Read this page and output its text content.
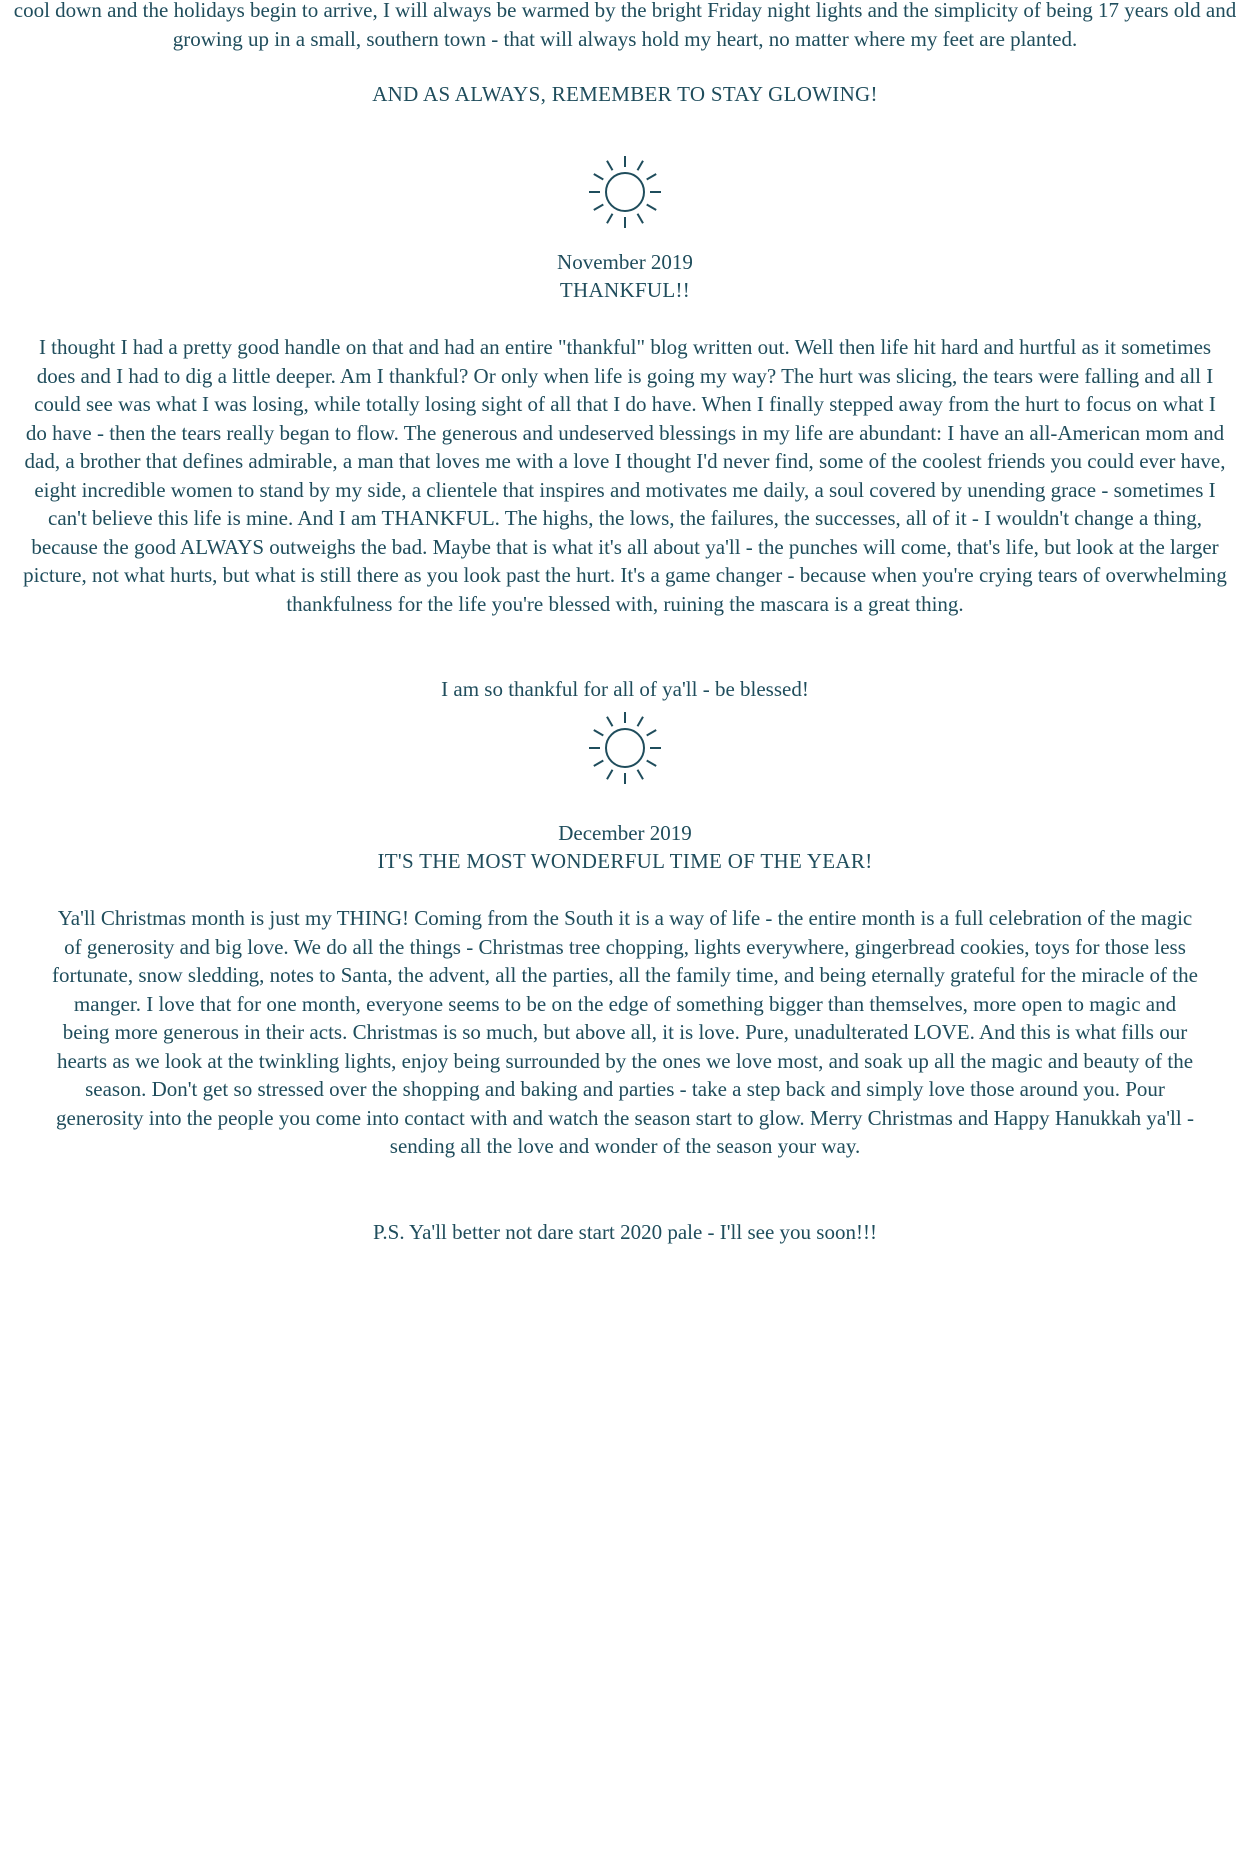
cool down and the holidays begin to arrive, I will always be warmed by the bright Friday night lights and the simplicity of being 17 years old and growing up in a small, southern town - that will always hold my heart, no matter where my feet are planted.

AND AS ALWAYS, REMEMBER TO STAY GLOWING!

November 2019

THANKFUL!!

I thought I had a pretty good handle on that and had an entire "thankful" blog written out. Well then life hit hard and hurtful as it sometimes does and I had to dig a little deeper. Am I thankful? Or only when life is going my way? The hurt was slicing, the tears were falling and all I could see was what I was losing, while totally losing sight of all that I do have. When I finally stepped away from the hurt to focus on what I do have - then the tears really began to flow. The generous and undeserved blessings in my life are abundant: I have an all-American mom and dad, a brother that defines admirable, a man that loves me with a love I thought I'd never find, some of the coolest friends you could ever have, eight incredible women to stand by my side, a clientele that inspires and motivates me daily, a soul covered by unending grace - sometimes I can't believe this life is mine. And I am THANKFUL. The highs, the lows, the failures, the successes, all of it - I wouldn't change a thing, because the good ALWAYS outweighs the bad. Maybe that is what it's all about ya'll - the punches will come, that's life, but look at the larger picture, not what hurts, but what is still there as you look past the hurt. It's a game changer - because when you're crying tears of overwhelming thankfulness for the life you're blessed with, ruining the mascara is a great thing.

I am so thankful for all of ya'll - be blessed!

December 2019

IT'S THE MOST WONDERFUL TIME OF THE YEAR!

Ya'll Christmas month is just my THING! Coming from the South it is a way of life - the entire month is a full celebration of the magic of generosity and big love. We do all the things - Christmas tree chopping, lights everywhere, gingerbread cookies, toys for those less fortunate, snow sledding, notes to Santa, the advent, all the parties, all the family time, and being eternally grateful for the miracle of the manger. I love that for one month, everyone seems to be on the edge of something bigger than themselves, more open to magic and being more generous in their acts. Christmas is so much, but above all, it is love. Pure, unadulterated LOVE. And this is what fills our hearts as we look at the twinkling lights, enjoy being surrounded by the ones we love most, and soak up all the magic and beauty of the season. Don't get so stressed over the shopping and baking and parties - take a step back and simply love those around you. Pour generosity into the people you come into contact with and watch the season start to glow. Merry Christmas and Happy Hanukkah ya'll - sending all the love and wonder of the season your way.

P.S. Ya'll better not dare start 2020 pale - I'll see you soon!!!
